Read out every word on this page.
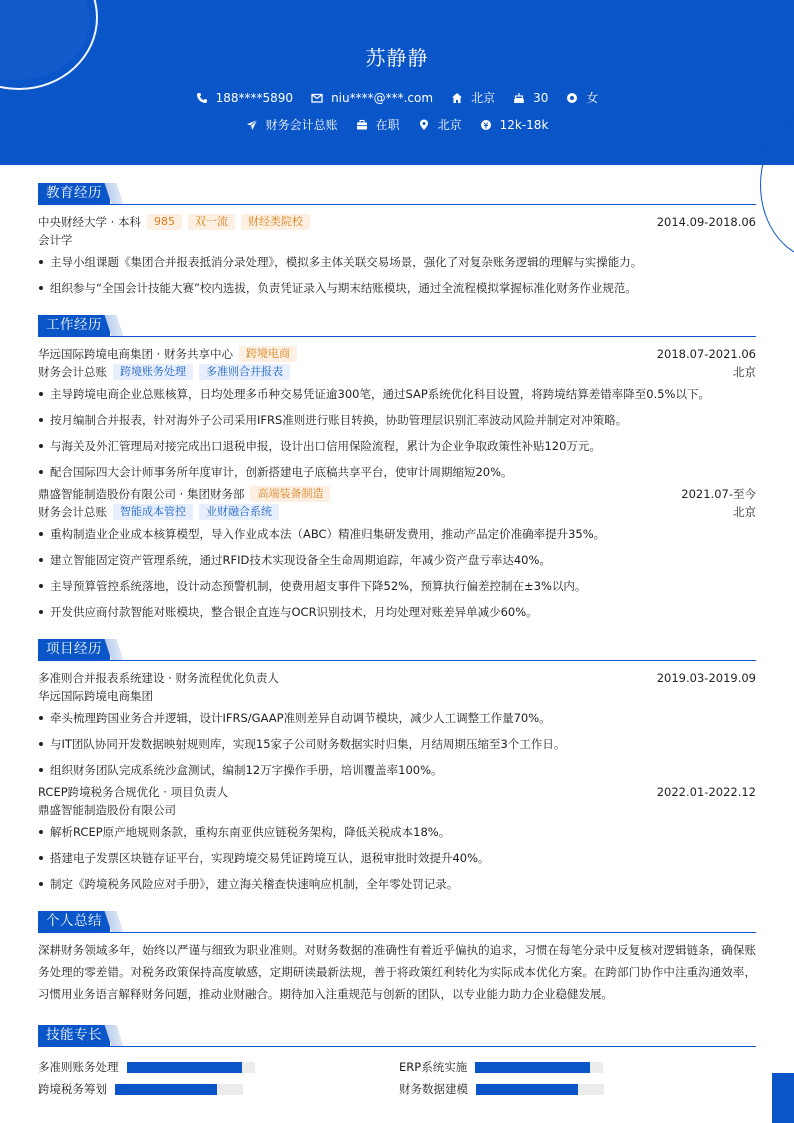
苏静静
188****5890	niu****@***.com	北京	30	女
财务会计总账	在职	北京	12k-18k
教育经历
中央财经大学 · 本科	985	双一流	财经类院校	2014.09-2018.06
会计学
主导小组课题《集团合并报表抵消分录处理》，模拟多主体关联交易场景，强化了对复杂账务逻辑的理解与实操能力。
组织参与“全国会计技能大赛”校内选拔，负责凭证录入与期末结账模块，通过全流程模拟掌握标准化财务作业规范。
工作经历
华远国际跨境电商集团 · 财务共享中心	跨境电商	2018.07-2021.06
财务会计总账	跨境账务处理	多准则合并报表	北京
主导跨境电商企业总账核算，日均处理多币种交易凭证逾300笔，通过SAP系统优化科目设置，将跨境结算差错率降至0.5%以下。
按月编制合并报表，针对海外子公司采用IFRS准则进行账目转换，协助管理层识别汇率波动风险并制定对冲策略。
与海关及外汇管理局对接完成出口退税申报，设计出口信用保险流程，累计为企业争取政策性补贴120万元。
配合国际四大会计师事务所年度审计，创新搭建电子底稿共享平台，使审计周期缩短20%。
鼎盛智能制造股份有限公司 · 集团财务部	高端装备制造	2021.07-至今
财务会计总账	智能成本管控	业财融合系统	北京
重构制造业企业成本核算模型，导入作业成本法（ABC）精准归集研发费用，推动产品定价准确率提升35%。
建立智能固定资产管理系统，通过RFID技术实现设备全生命周期追踪，年减少资产盘亏率达40%。
主导预算管控系统落地，设计动态预警机制，使费用超支事件下降52%，预算执行偏差控制在±3%以内。
开发供应商付款智能对账模块，整合银企直连与OCR识别技术，月均处理对账差异单减少60%。
项目经历
多准则合并报表系统建设 · 财务流程优化负责人	2019.03-2019.09
华远国际跨境电商集团
牵头梳理跨国业务合并逻辑，设计IFRS/GAAP准则差异自动调节模块，减少人工调整工作量70%。
与IT团队协同开发数据映射规则库，实现15家子公司财务数据实时归集，月结周期压缩至3个工作日。
组织财务团队完成系统沙盒测试，编制12万字操作手册，培训覆盖率100%。
RCEP跨境税务合规优化 · 项目负责人	2022.01-2022.12
鼎盛智能制造股份有限公司
解析RCEP原产地规则条款，重构东南亚供应链税务架构，降低关税成本18%。
搭建电子发票区块链存证平台，实现跨境交易凭证跨境互认，退税审批时效提升40%。
制定《跨境税务风险应对手册》，建立海关稽查快速响应机制，全年零处罚记录。
个人总结
深耕财务领域多年，始终以严谨与细致为职业准则。对财务数据的准确性有着近乎偏执的追求，习惯在每笔分录中反复核对逻辑链条，确保账务处理的零差错。对税务政策保持高度敏感，定期研读最新法规，善于将政策红利转化为实际成本优化方案。在跨部门协作中注重沟通效率，习惯用业务语言解释财务问题，推动业财融合。期待加入注重规范与创新的团队，以专业能力助力企业稳健发展。
技能专长
多准则账务处理
跨境税务筹划
ERP系统实施
财务数据建模
